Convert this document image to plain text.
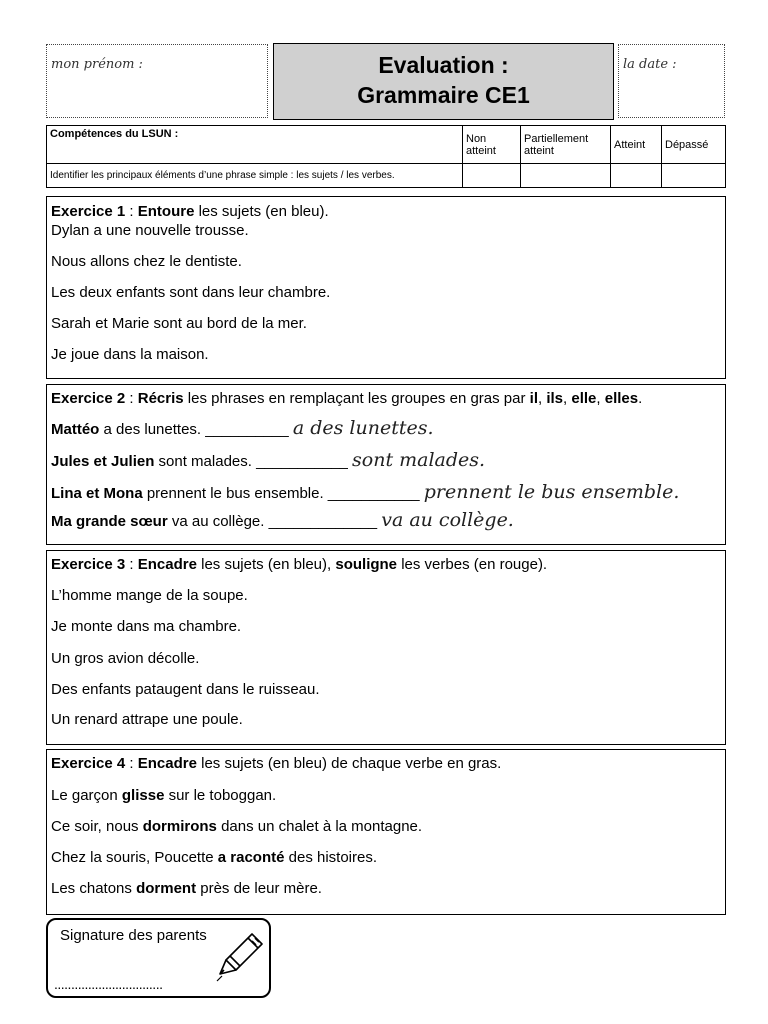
mon prénom :	Evaluation :
Grammaire CE1
la date :
Compétences du LSUN :	Non atteint	Partiellement atteint	Atteint	Dépassé
Identifier les principaux éléments d’une phrase simple : les sujets / les verbes.				
Exercice 1 : Entoure les sujets (en bleu).
Dylan a une nouvelle trousse.
Nous allons chez le dentiste.
Les deux enfants sont dans leur chambre.
Sarah et Marie sont au bord de la mer.
Je joue dans la maison.
Exercice 2 : Récris les phrases en remplaçant les groupes en gras par il, ils, elle, elles.
Mattéo a des lunettes. __________ a des lunettes.
Jules et Julien sont malades. ___________ sont malades.
Lina et Mona prennent le bus ensemble. ___________ prennent le bus ensemble.
Ma grande sœur va au collège. _____________ va au collège.
Exercice 3 : Encadre les sujets (en bleu), souligne les verbes (en rouge).
L’homme mange de la soupe.
Je monte dans ma chambre.
Un gros avion décolle.
Des enfants pataugent dans le ruisseau.
Un renard attrape une poule.
Exercice 4 : Encadre les sujets (en bleu) de chaque verbe en gras.
Le garçon glisse sur le toboggan.
Ce soir, nous dormirons dans un chalet à la montagne.
Chez la souris, Poucette a raconté des histoires.
Les chatons dorment près de leur mère.
Signature des parents
................................
